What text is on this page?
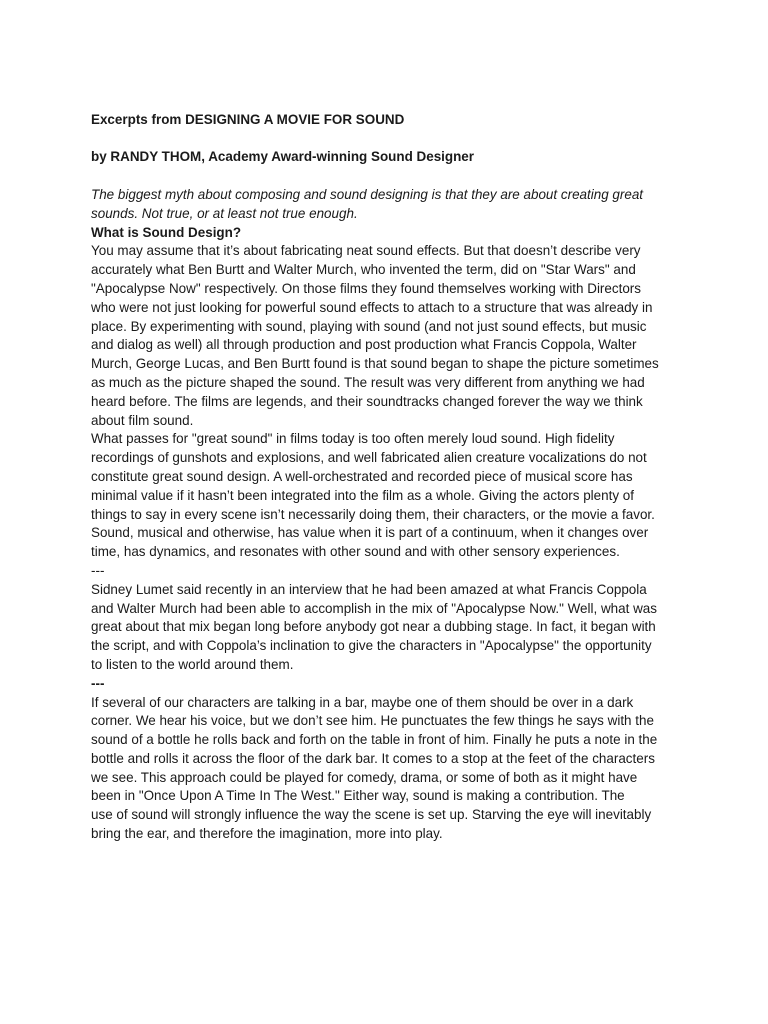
Excerpts from DESIGNING A MOVIE FOR SOUND

by RANDY THOM, Academy Award-winning Sound Designer

The biggest myth about composing and sound designing is that they are about creating great
sounds. Not true, or at least not true enough.

What is Sound Design?

You may assume that it’s about fabricating neat sound effects. But that doesn’t describe very
accurately what Ben Burtt and Walter Murch, who invented the term, did on "Star Wars" and
"Apocalypse Now" respectively. On those films they found themselves working with Directors
who were not just looking for powerful sound effects to attach to a structure that was already in
place. By experimenting with sound, playing with sound (and not just sound effects, but music
and dialog as well) all through production and post production what Francis Coppola, Walter
Murch, George Lucas, and Ben Burtt found is that sound began to shape the picture sometimes
as much as the picture shaped the sound. The result was very different from anything we had
heard before. The films are legends, and their soundtracks changed forever the way we think
about film sound.

What passes for "great sound" in films today is too often merely loud sound. High fidelity
recordings of gunshots and explosions, and well fabricated alien creature vocalizations do not
constitute great sound design. A well-orchestrated and recorded piece of musical score has
minimal value if it hasn’t been integrated into the film as a whole. Giving the actors plenty of
things to say in every scene isn’t necessarily doing them, their characters, or the movie a favor.
Sound, musical and otherwise, has value when it is part of a continuum, when it changes over
time, has dynamics, and resonates with other sound and with other sensory experiences.

---

Sidney Lumet said recently in an interview that he had been amazed at what Francis Coppola
and Walter Murch had been able to accomplish in the mix of "Apocalypse Now." Well, what was
great about that mix began long before anybody got near a dubbing stage. In fact, it began with
the script, and with Coppola’s inclination to give the characters in "Apocalypse" the opportunity
to listen to the world around them.

---

If several of our characters are talking in a bar, maybe one of them should be over in a dark
corner. We hear his voice, but we don’t see him. He punctuates the few things he says with the
sound of a bottle he rolls back and forth on the table in front of him. Finally he puts a note in the
bottle and rolls it across the floor of the dark bar. It comes to a stop at the feet of the characters
we see. This approach could be played for comedy, drama, or some of both as it might have
been in "Once Upon A Time In The West." Either way, sound is making a contribution. The
use of sound will strongly influence the way the scene is set up. Starving the eye will inevitably
bring the ear, and therefore the imagination, more into play.
